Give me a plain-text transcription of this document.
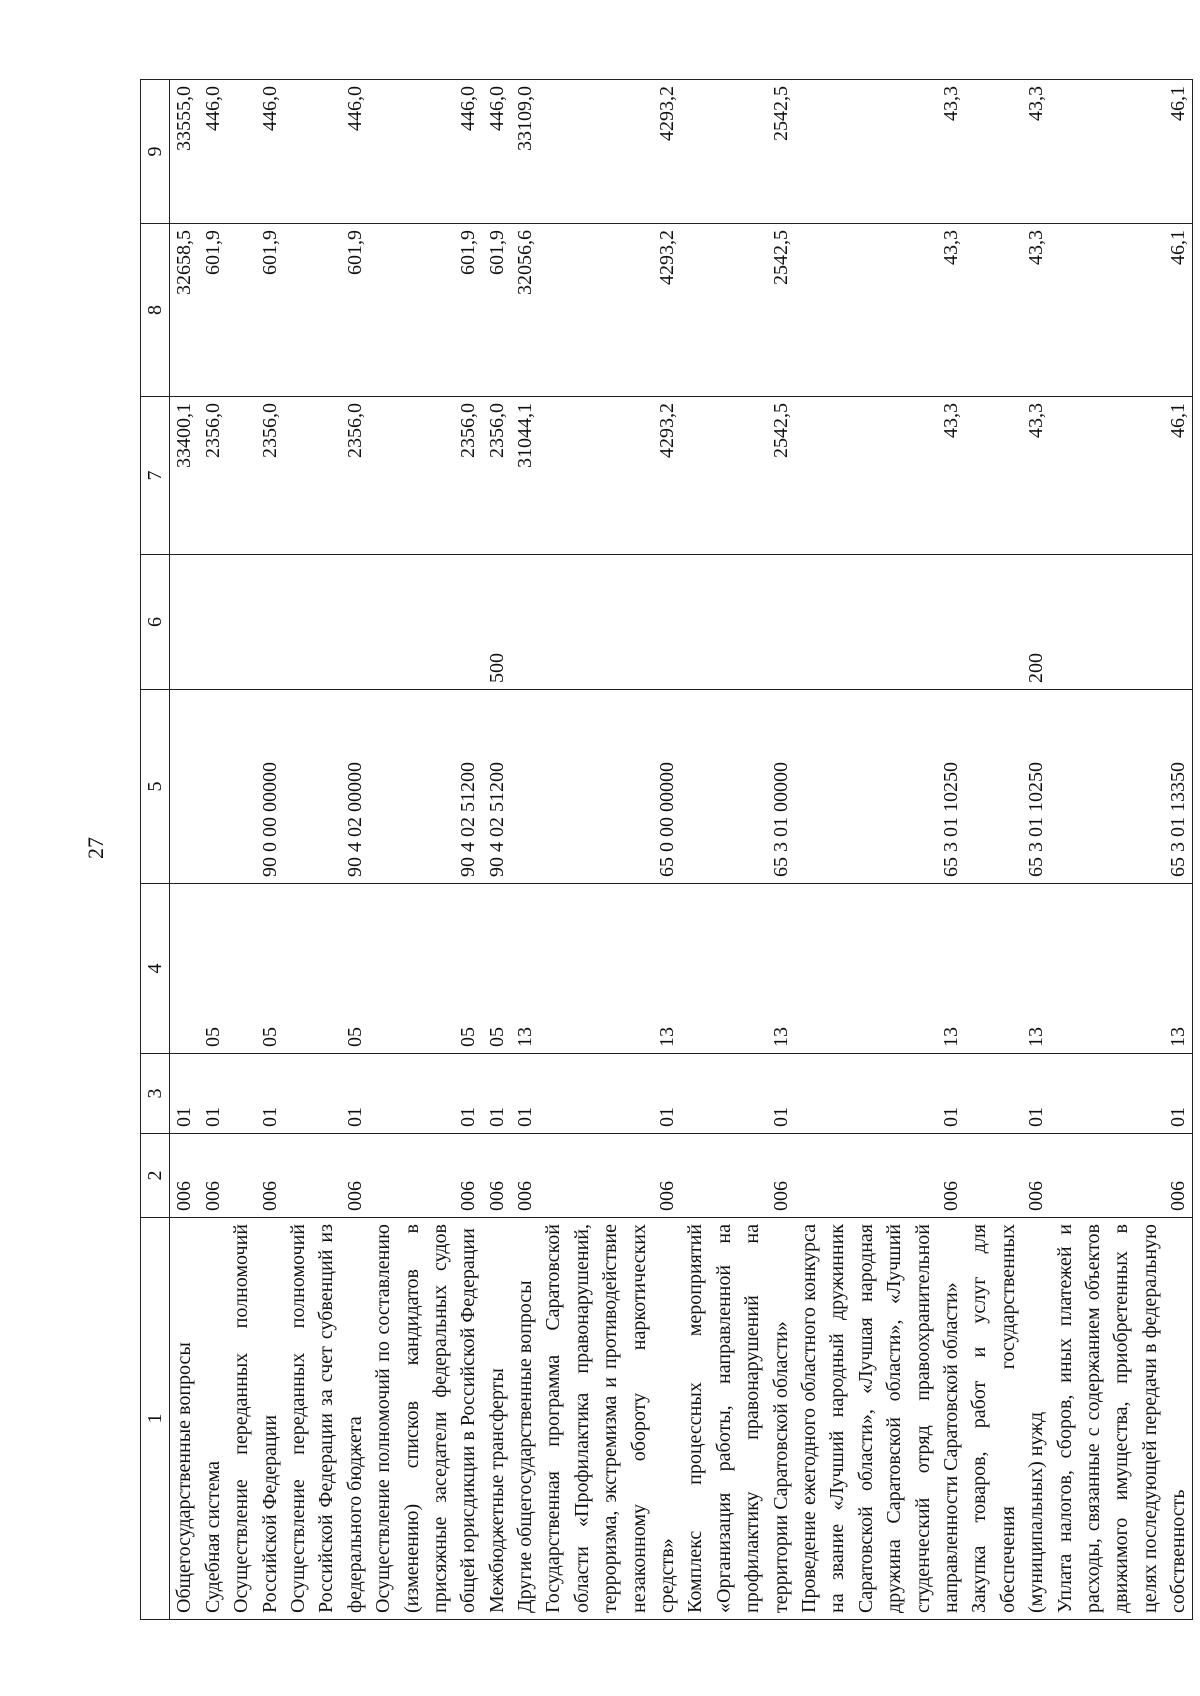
27
1	2	3	4	5	6	7	8	9
Общегосударственные вопросы	006	01				33400,1	32658,5	33555,0
Судебная система	006	01	05			2356,0	601,9	446,0
Осуществление переданных полномочий Российской Федерации	006	01	05	90 0 00 00000		2356,0	601,9	446,0
Осуществление переданных полномочий Российской Федерации за счет субвенций из федерального бюджета	006	01	05	90 4 02 00000		2356,0	601,9	446,0
Осуществление полномочий по составлению (изменению) списков кандидатов в присяжные заседатели федеральных судов общей юрисдикции в Российской Федерации	006	01	05	90 4 02 51200		2356,0	601,9	446,0
Межбюджетные трансферты	006	01	05	90 4 02 51200	500	2356,0	601,9	446,0
Другие общегосударственные вопросы	006	01	13			31044,1	32056,6	33109,0
Государственная программа Саратовской области «Профилактика правонарушений, терроризма, экстремизма и противодействие незаконному обороту наркотических средств»	006	01	13	65 0 00 00000		4293,2	4293,2	4293,2
Комплекс процессных мероприятий «Организация работы, направленной на профилактику правонарушений на территории Саратовской области»	006	01	13	65 3 01 00000		2542,5	2542,5	2542,5
Проведение ежегодного областного конкурса на звание «Лучший народный дружинник Саратовской области», «Лучшая народная дружина Саратовской области», «Лучший студенческий отряд правоохранительной направленности Саратовской области»	006	01	13	65 3 01 10250		43,3	43,3	43,3
Закупка товаров, работ и услуг для обеспечения государственных (муниципальных) нужд	006	01	13	65 3 01 10250	200	43,3	43,3	43,3
Уплата налогов, сборов, иных платежей и расходы, связанные с содержанием объектов движимого имущества, приобретенных в целях последующей передачи в федеральную собственность	006	01	13	65 3 01 13350		46,1	46,1	46,1
